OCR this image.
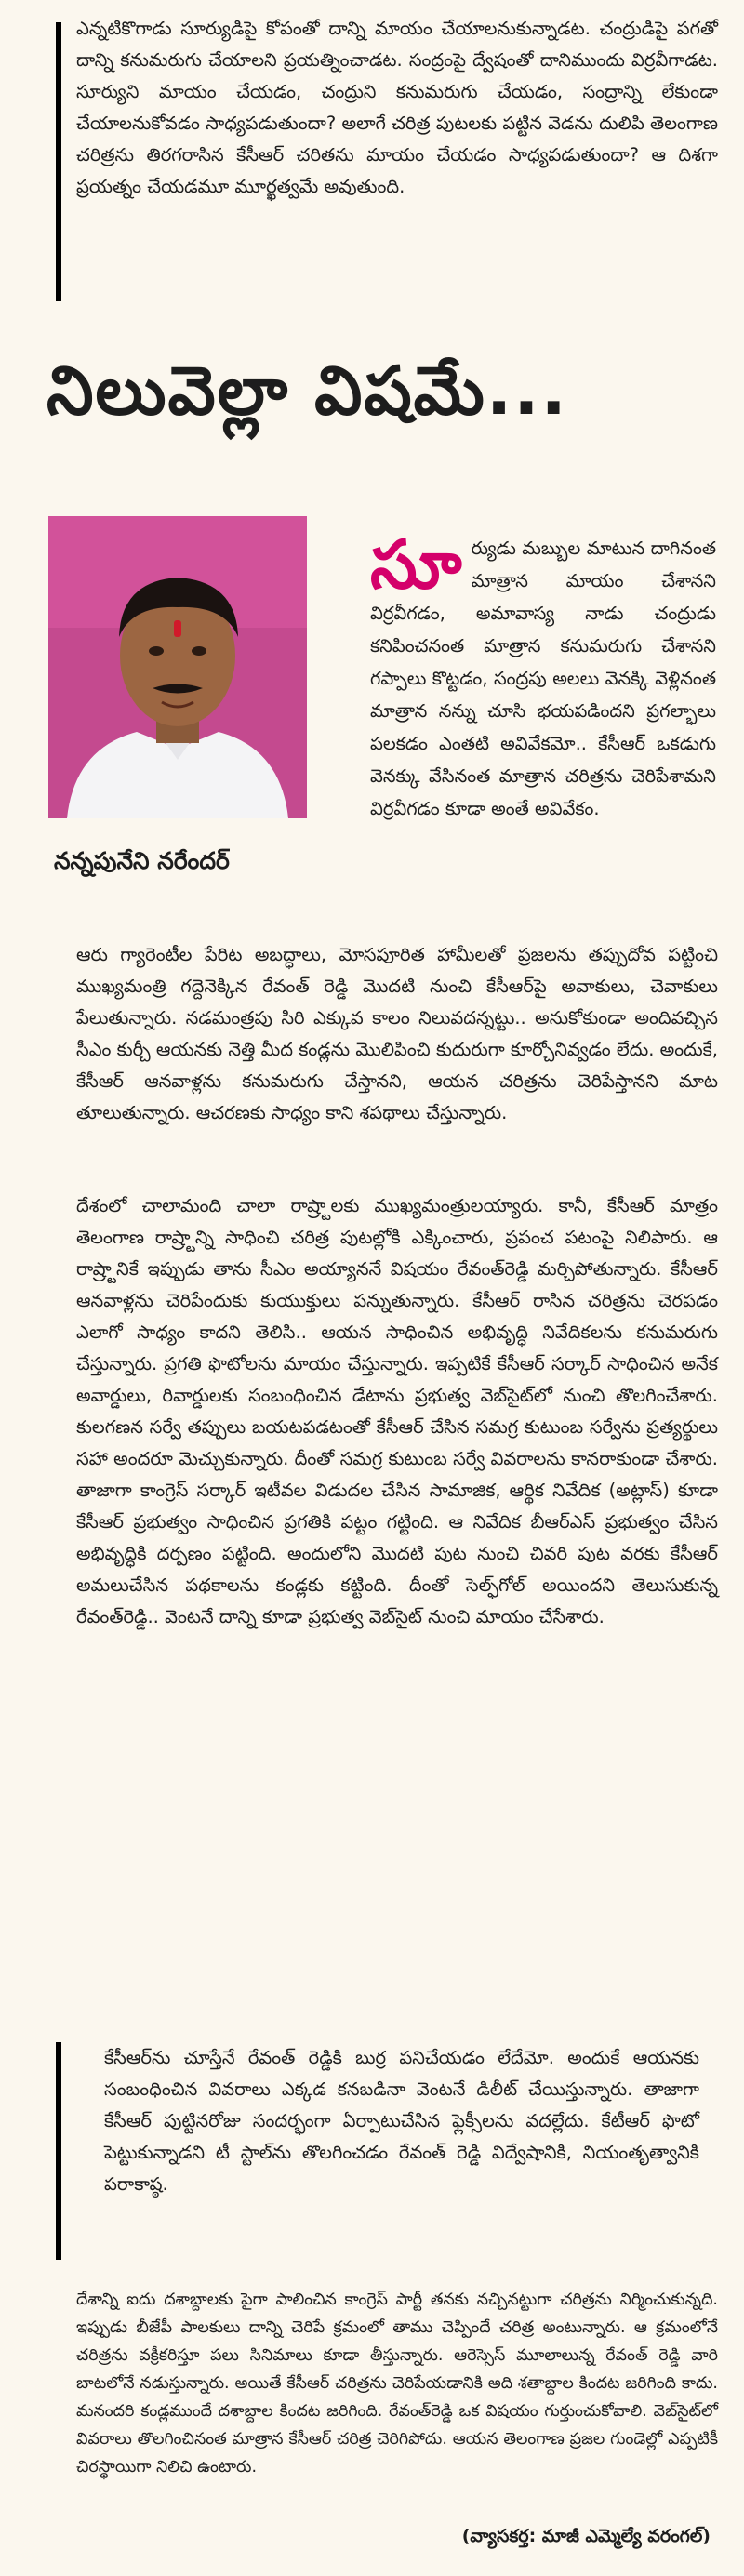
ఎన్నటికొగాడు సూర్యుడిపై కోపంతో దాన్ని మాయం చేయాలనుకున్నాడట. చంద్రుడిపై పగతో దాన్ని కనుమరుగు చేయాలని ప్రయత్నించాడట. సంద్రంపై ద్వేషంతో దానిముందు విర్రవీగాడట. సూర్యుని మాయం చేయడం, చంద్రుని కనుమరుగు చేయడం, సంద్రాన్ని లేకుండా చేయాలనుకోవడం సాధ్యపడుతుందా? అలాగే చరిత్ర పుటలకు పట్టిన వెడను దులిపి తెలంగాణ చరిత్రను తిరగరాసిన కేసీఆర్ చరితను మాయం చేయడం సాధ్యపడుతుందా? ఆ దిశగా ప్రయత్నం చేయడమూ మూర్ఖత్వమే అవుతుంది.

నిలువెల్లా విషమే...

నన్నపునేని నరేందర్

సూర్యుడు మబ్బుల మాటున దాగినంత మాత్రాన మాయం చేశానని విర్రవీగడం, అమావాస్య నాడు చంద్రుడు కనిపించనంత మాత్రాన కనుమరుగు చేశానని గప్పాలు కొట్టడం, సంద్రపు అలలు వెనక్కి వెళ్లినంత మాత్రాన నన్ను చూసి భయపడిందని ప్రగల్భాలు పలకడం ఎంతటి అవివేకమో.. కేసీఆర్ ఒకడుగు వెనక్కు వేసినంత మాత్రాన చరిత్రను చెరిపేశామని విర్రవీగడం కూడా అంతే అవివేకం.

ఆరు గ్యారెంటీల పేరిట అబద్ధాలు, మోసపూరిత హామీలతో ప్రజలను తప్పుదోవ పట్టించి ముఖ్యమంత్రి గద్దెనెక్కిన రేవంత్ రెడ్డి మొదటి నుంచి కేసీఆర్‌పై అవాకులు, చెవాకులు పేలుతున్నారు. నడమంత్రపు సిరి ఎక్కువ కాలం నిలువదన్నట్టు.. అనుకోకుండా అందివచ్చిన సీఎం కుర్చీ ఆయనకు నెత్తి మీద కండ్లను మొలిపించి కుదురుగా కూర్చోనివ్వడం లేదు. అందుకే, కేసీఆర్ ఆనవాళ్లను కనుమరుగు చేస్తానని, ఆయన చరిత్రను చెరిపేస్తానని మాట తూలుతున్నారు. ఆచరణకు సాధ్యం కాని శపథాలు చేస్తున్నారు.

దేశంలో చాలామంది చాలా రాష్ర్టాలకు ముఖ్యమంత్రులయ్యారు. కానీ, కేసీఆర్ మాత్రం తెలంగాణ రాష్ర్టాన్ని సాధించి చరిత్ర పుటల్లోకి ఎక్కించారు, ప్రపంచ పటంపై నిలిపారు. ఆ రాష్ర్టానికే ఇప్పుడు తాను సీఎం అయ్యాననే విషయం రేవంత్‌రెడ్డి మర్చిపోతున్నారు. కేసీఆర్ ఆనవాళ్లను చెరిపేందుకు కుయుక్తులు పన్నుతున్నారు. కేసీఆర్ రాసిన చరిత్రను చెరపడం ఎలాగో సాధ్యం కాదని తెలిసి.. ఆయన సాధించిన అభివృద్ధి నివేదికలను కనుమరుగు చేస్తున్నారు. ప్రగతి ఫొటోలను మాయం చేస్తున్నారు. ఇప్పటికే కేసీఆర్ సర్కార్ సాధించిన అనేక అవార్డులు, రివార్డులకు సంబంధించిన డేటాను ప్రభుత్వ వెబ్‌సైట్‌లో నుంచి తొలగించేశారు. కులగణన సర్వే తప్పులు బయటపడటంతో కేసీఆర్ చేసిన సమగ్ర కుటుంబ సర్వేను ప్రత్యర్థులు సహా అందరూ మెచ్చుకున్నారు. దీంతో సమగ్ర కుటుంబ సర్వే వివరాలను కానరాకుండా చేశారు. తాజాగా కాంగ్రెస్ సర్కార్ ఇటీవల విడుదల చేసిన సామాజిక, ఆర్థిక నివేదిక (అట్లాస్) కూడా కేసీఆర్ ప్రభుత్వం సాధించిన ప్రగతికి పట్టం గట్టింది. ఆ నివేదిక బీఆర్‌ఎస్ ప్రభుత్వం చేసిన అభివృద్ధికి దర్పణం పట్టింది. అందులోని మొదటి పుట నుంచి చివరి పుట వరకు కేసీఆర్ అమలుచేసిన పథకాలను కండ్లకు కట్టింది. దీంతో సెల్ఫ్‌గోల్ అయిందని తెలుసుకున్న రేవంత్‌రెడ్డి.. వెంటనే దాన్ని కూడా ప్రభుత్వ వెబ్‌సైట్ నుంచి మాయం చేసేశారు.

కేసీఆర్‌ను చూస్తేనే రేవంత్ రెడ్డికి బుర్ర పనిచేయడం లేదేమో. అందుకే ఆయనకు సంబంధించిన వివరాలు ఎక్కడ కనబడినా వెంటనే డిలీట్ చేయిస్తున్నారు. తాజాగా కేసీఆర్ పుట్టినరోజు సందర్భంగా ఏర్పాటుచేసిన ఫ్లెక్సీలను వదల్లేదు. కేటీఆర్ ఫొటో పెట్టుకున్నాడని టీ స్టాల్‌ను తొలగించడం రేవంత్ రెడ్డి విద్వేషానికి, నియంతృత్వానికి పరాకాష్ఠ.

దేశాన్ని ఐదు దశాబ్దాలకు పైగా పాలించిన కాంగ్రెస్ పార్టీ తనకు నచ్చినట్టుగా చరిత్రను నిర్మించుకున్నది. ఇప్పుడు బీజేపీ పాలకులు దాన్ని చెరిపే క్రమంలో తాము చెప్పిందే చరిత్ర అంటున్నారు. ఆ క్రమంలోనే చరిత్రను వక్రీకరిస్తూ పలు సినిమాలు కూడా తీస్తున్నారు. ఆరెస్సెస్ మూలాలున్న రేవంత్ రెడ్డి వారి బాటలోనే నడుస్తున్నారు. అయితే కేసీఆర్ చరిత్రను చెరిపేయడానికి అది శతాబ్దాల కిందట జరిగింది కాదు. మనందరి కండ్లముందే దశాబ్దాల కిందట జరిగింది. రేవంత్‌రెడ్డి ఒక విషయం గుర్తుంచుకోవాలి. వెబ్‌సైట్‌లో వివరాలు తొలగించినంత మాత్రాన కేసీఆర్ చరిత్ర చెరిగిపోదు. ఆయన తెలంగాణ ప్రజల గుండెల్లో ఎప్పటికీ చిరస్థాయిగా నిలిచి ఉంటారు.

(వ్యాసకర్త: మాజీ ఎమ్మెల్యే వరంగల్)
